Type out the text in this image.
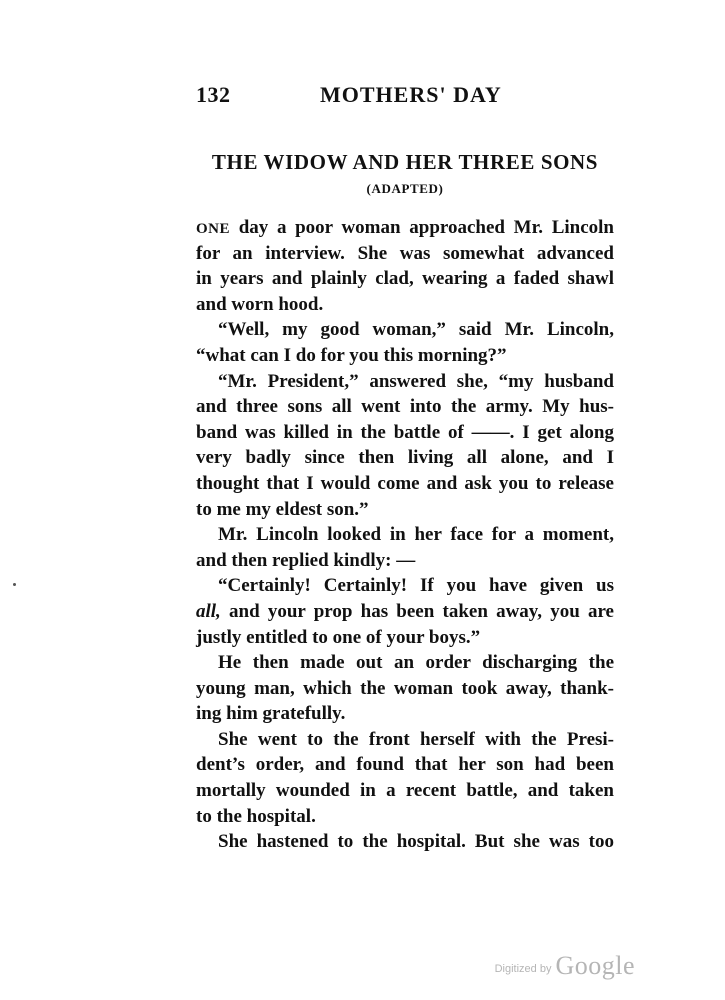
132	MOTHERS' DAY
THE WIDOW AND HER THREE SONS
(ADAPTED)
ONE day a poor woman approached Mr. Lincoln
for an interview. She was somewhat advanced
in years and plainly clad, wearing a faded shawl
and worn hood.
“Well, my good woman,” said Mr. Lincoln,
“what can I do for you this morning?”
“Mr. President,” answered she, “my husband
and three sons all went into the army. My hus-
band was killed in the battle of ——. I get along
very badly since then living all alone, and I
thought that I would come and ask you to release
to me my eldest son.”
Mr. Lincoln looked in her face for a moment,
and then replied kindly: —
“Certainly! Certainly! If you have given us
all, and your prop has been taken away, you are
justly entitled to one of your boys.”
He then made out an order discharging the
young man, which the woman took away, thank-
ing him gratefully.
She went to the front herself with the Presi-
dent’s order, and found that her son had been
mortally wounded in a recent battle, and taken
to the hospital.
She hastened to the hospital. But she was too
Digitized by Google
